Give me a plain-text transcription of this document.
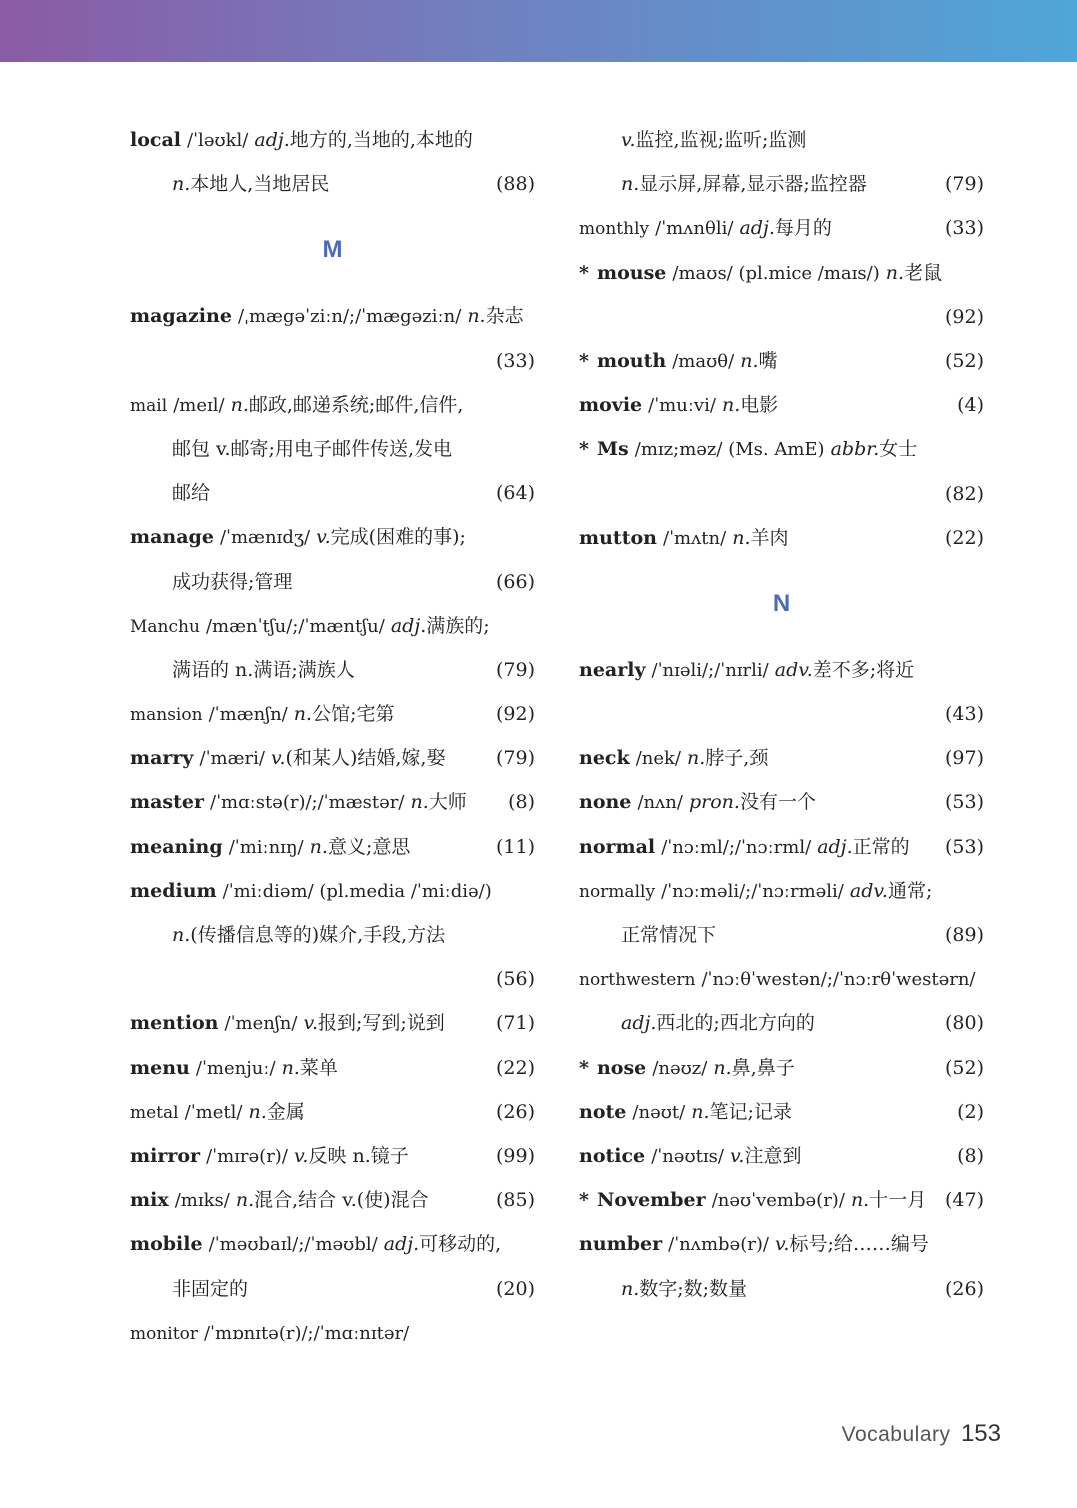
local /ˈləʊkl/ adj.地方的,当地的,本地的
n.本地人,当地居民	(88)
M
magazine /ˌmægəˈziːn/;/ˈmægəziːn/ n.杂志
(33)
mail /meɪl/ n.邮政,邮递系统;邮件,信件,
邮包 v.邮寄;用电子邮件传送,发电
邮给	(64)
manage /ˈmænɪdʒ/ v.完成(困难的事);
成功获得;管理	(66)
Manchu /mænˈtʃu/;/ˈmæntʃu/ adj.满族的;
满语的 n.满语;满族人	(79)
mansion /ˈmænʃn/ n.公馆;宅第	(92)
marry /ˈmæri/ v.(和某人)结婚,嫁,娶	(79)
master /ˈmɑːstə(r)/;/ˈmæstər/ n.大师 (8)
meaning /ˈmiːnɪŋ/ n.意义;意思	(11)
medium /ˈmiːdiəm/ (pl.media /ˈmiːdiə/)
n.(传播信息等的)媒介,手段,方法
(56)
mention /ˈmenʃn/ v.报到;写到;说到	(71)
menu /ˈmenjuː/ n.菜单	(22)
metal /ˈmetl/ n.金属	(26)
mirror /ˈmɪrə(r)/ v.反映 n.镜子	(99)
mix /mɪks/ n.混合,结合 v.(使)混合	(85)
mobile /ˈməʊbaɪl/;/ˈməʊbl/ adj.可移动的,
非固定的	(20)
monitor /ˈmɒnɪtə(r)/;/ˈmɑːnɪtər/
v.监控,监视;监听;监测
n.显示屏,屏幕,显示器;监控器	(79)
monthly /ˈmʌnθli/ adj.每月的	(33)
* mouse /maʊs/ (pl.mice /maɪs/) n.老鼠
(92)
* mouth /maʊθ/ n.嘴	(52)
movie /ˈmuːvi/ n.电影	(4)
* Ms /mɪz;məz/ (Ms. AmE) abbr.女士
(82)
mutton /ˈmʌtn/ n.羊肉	(22)
N
nearly /ˈnɪəli/;/ˈnɪrli/ adv.差不多;将近
(43)
neck /nek/ n.脖子,颈	(97)
none /nʌn/ pron.没有一个	(53)
normal /ˈnɔːml/;/ˈnɔːrml/ adj.正常的 (53)
normally /ˈnɔːməli/;/ˈnɔːrməli/ adv.通常;
正常情况下	(89)
northwestern /ˈnɔːθˈwestən/;/ˈnɔːrθˈwestərn/
adj.西北的;西北方向的	(80)
* nose /nəʊz/ n.鼻,鼻子	(52)
note /nəʊt/ n.笔记;记录	(2)
notice /ˈnəʊtɪs/ v.注意到	(8)
* November /nəʊˈvembə(r)/ n.十一月 (47)
number /ˈnʌmbə(r)/ v.标号;给……编号
n.数字;数;数量	(26)
Vocabulary 153
